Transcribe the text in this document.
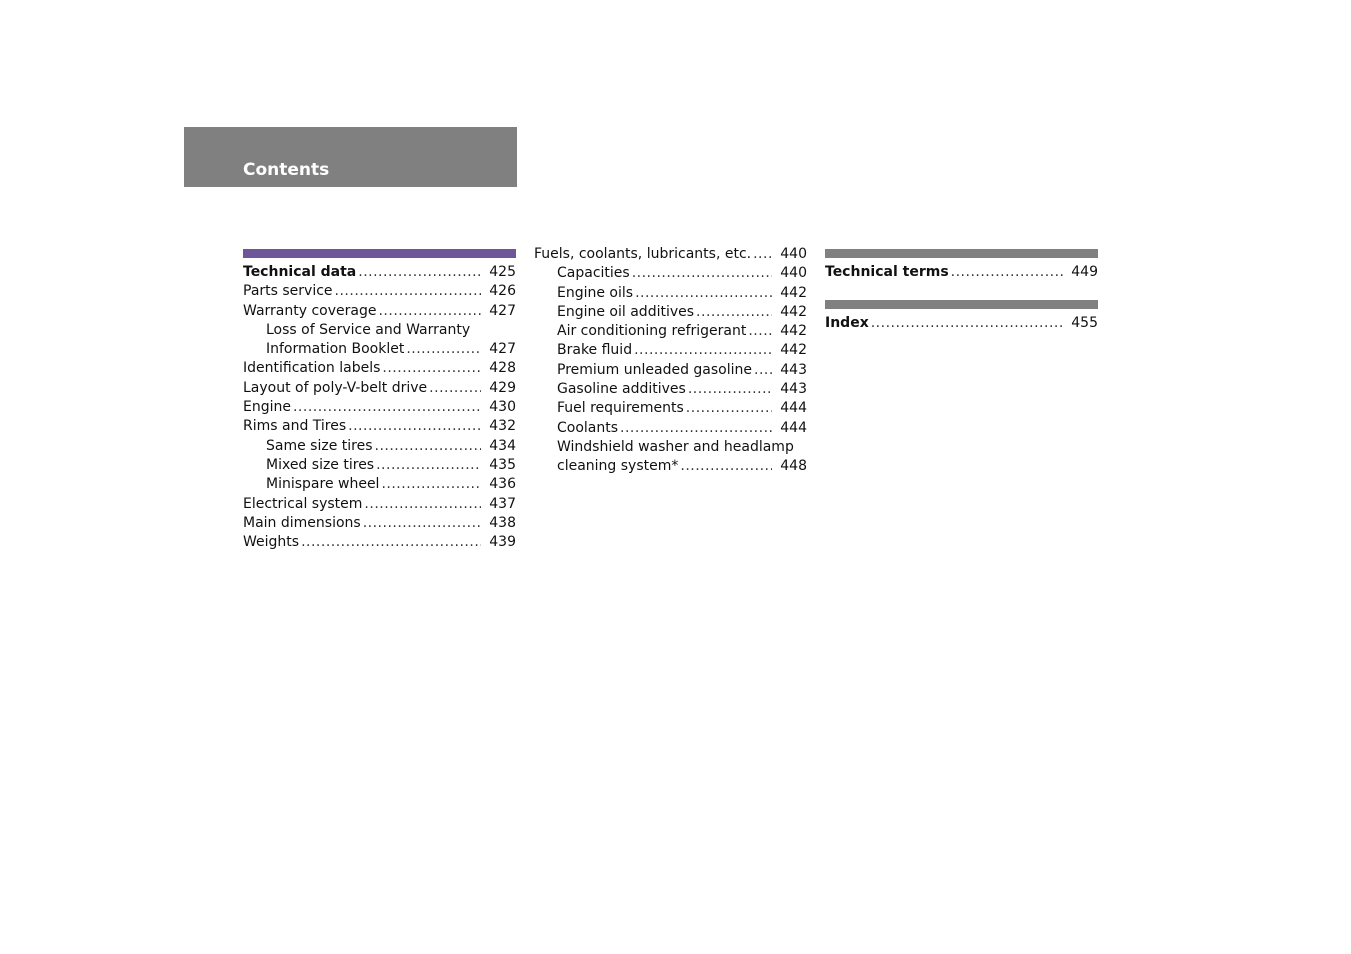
Contents
Technical data .....	425
Parts service .....	426
Warranty coverage .....	427
Loss of Service and Warranty
Information Booklet .....	427
Identification labels .....	428
Layout of poly-V-belt drive .....	429
Engine .....	430
Rims and Tires .....	432
Same size tires .....	434
Mixed size tires .....	435
Minispare wheel .....	436
Electrical system .....	437
Main dimensions .....	438
Weights .....	439
Fuels, coolants, lubricants, etc. .....	440
Capacities .....	440
Engine oils .....	442
Engine oil additives .....	442
Air conditioning refrigerant .....	442
Brake fluid .....	442
Premium unleaded gasoline .....	443
Gasoline additives .....	443
Fuel requirements .....	444
Coolants .....	444
Windshield washer and headlamp
cleaning system* .....	448
Technical terms .....	449
Index .....	455
